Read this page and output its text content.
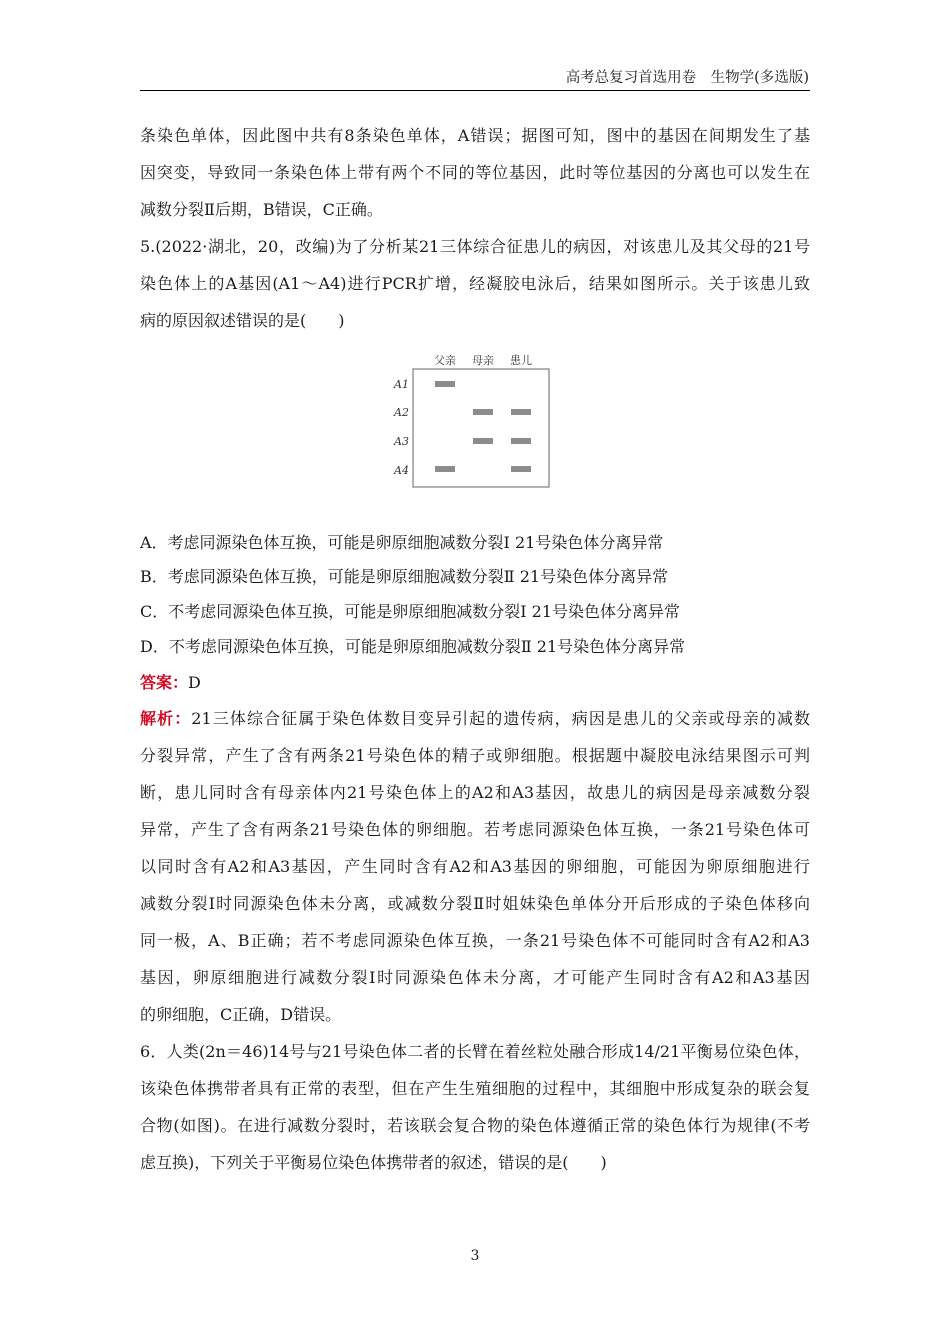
高考总复习首选用卷　生物学(多选版)
条染色单体，因此图中共有8条染色单体，A错误；据图可知，图中的基因在间期发生了基
因突变，导致同一条染色体上带有两个不同的等位基因，此时等位基因的分离也可以发生在
减数分裂Ⅱ后期，B错误，C正确。
5.(2022·湖北，20，改编)为了分析某21三体综合征患儿的病因，对该患儿及其父母的21号
染色体上的A基因(A1～A4)进行PCR扩增，经凝胶电泳后，结果如图所示。关于该患儿致
病的原因叙述错误的是(　　)
父亲 母亲 患儿
A1
A2
A3
A4
A．考虑同源染色体互换，可能是卵原细胞减数分裂Ⅰ 21号染色体分离异常
B．考虑同源染色体互换，可能是卵原细胞减数分裂Ⅱ 21号染色体分离异常
C．不考虑同源染色体互换，可能是卵原细胞减数分裂Ⅰ 21号染色体分离异常
D．不考虑同源染色体互换，可能是卵原细胞减数分裂Ⅱ 21号染色体分离异常
答案：D
解析：21三体综合征属于染色体数目变异引起的遗传病，病因是患儿的父亲或母亲的减数
分裂异常，产生了含有两条21号染色体的精子或卵细胞。根据题中凝胶电泳结果图示可判
断，患儿同时含有母亲体内21号染色体上的A2和A3基因，故患儿的病因是母亲减数分裂
异常，产生了含有两条21号染色体的卵细胞。若考虑同源染色体互换，一条21号染色体可
以同时含有A2和A3基因，产生同时含有A2和A3基因的卵细胞，可能因为卵原细胞进行
减数分裂Ⅰ时同源染色体未分离，或减数分裂Ⅱ时姐妹染色单体分开后形成的子染色体移向
同一极，A、B正确；若不考虑同源染色体互换，一条21号染色体不可能同时含有A2和A3
基因，卵原细胞进行减数分裂Ⅰ时同源染色体未分离，才可能产生同时含有A2和A3基因
的卵细胞，C正确，D错误。
6．人类(2n＝46)14号与21号染色体二者的长臂在着丝粒处融合形成14/21平衡易位染色体，
该染色体携带者具有正常的表型，但在产生生殖细胞的过程中，其细胞中形成复杂的联会复
合物(如图)。在进行减数分裂时，若该联会复合物的染色体遵循正常的染色体行为规律(不考
虑互换)，下列关于平衡易位染色体携带者的叙述，错误的是(　　)
3
